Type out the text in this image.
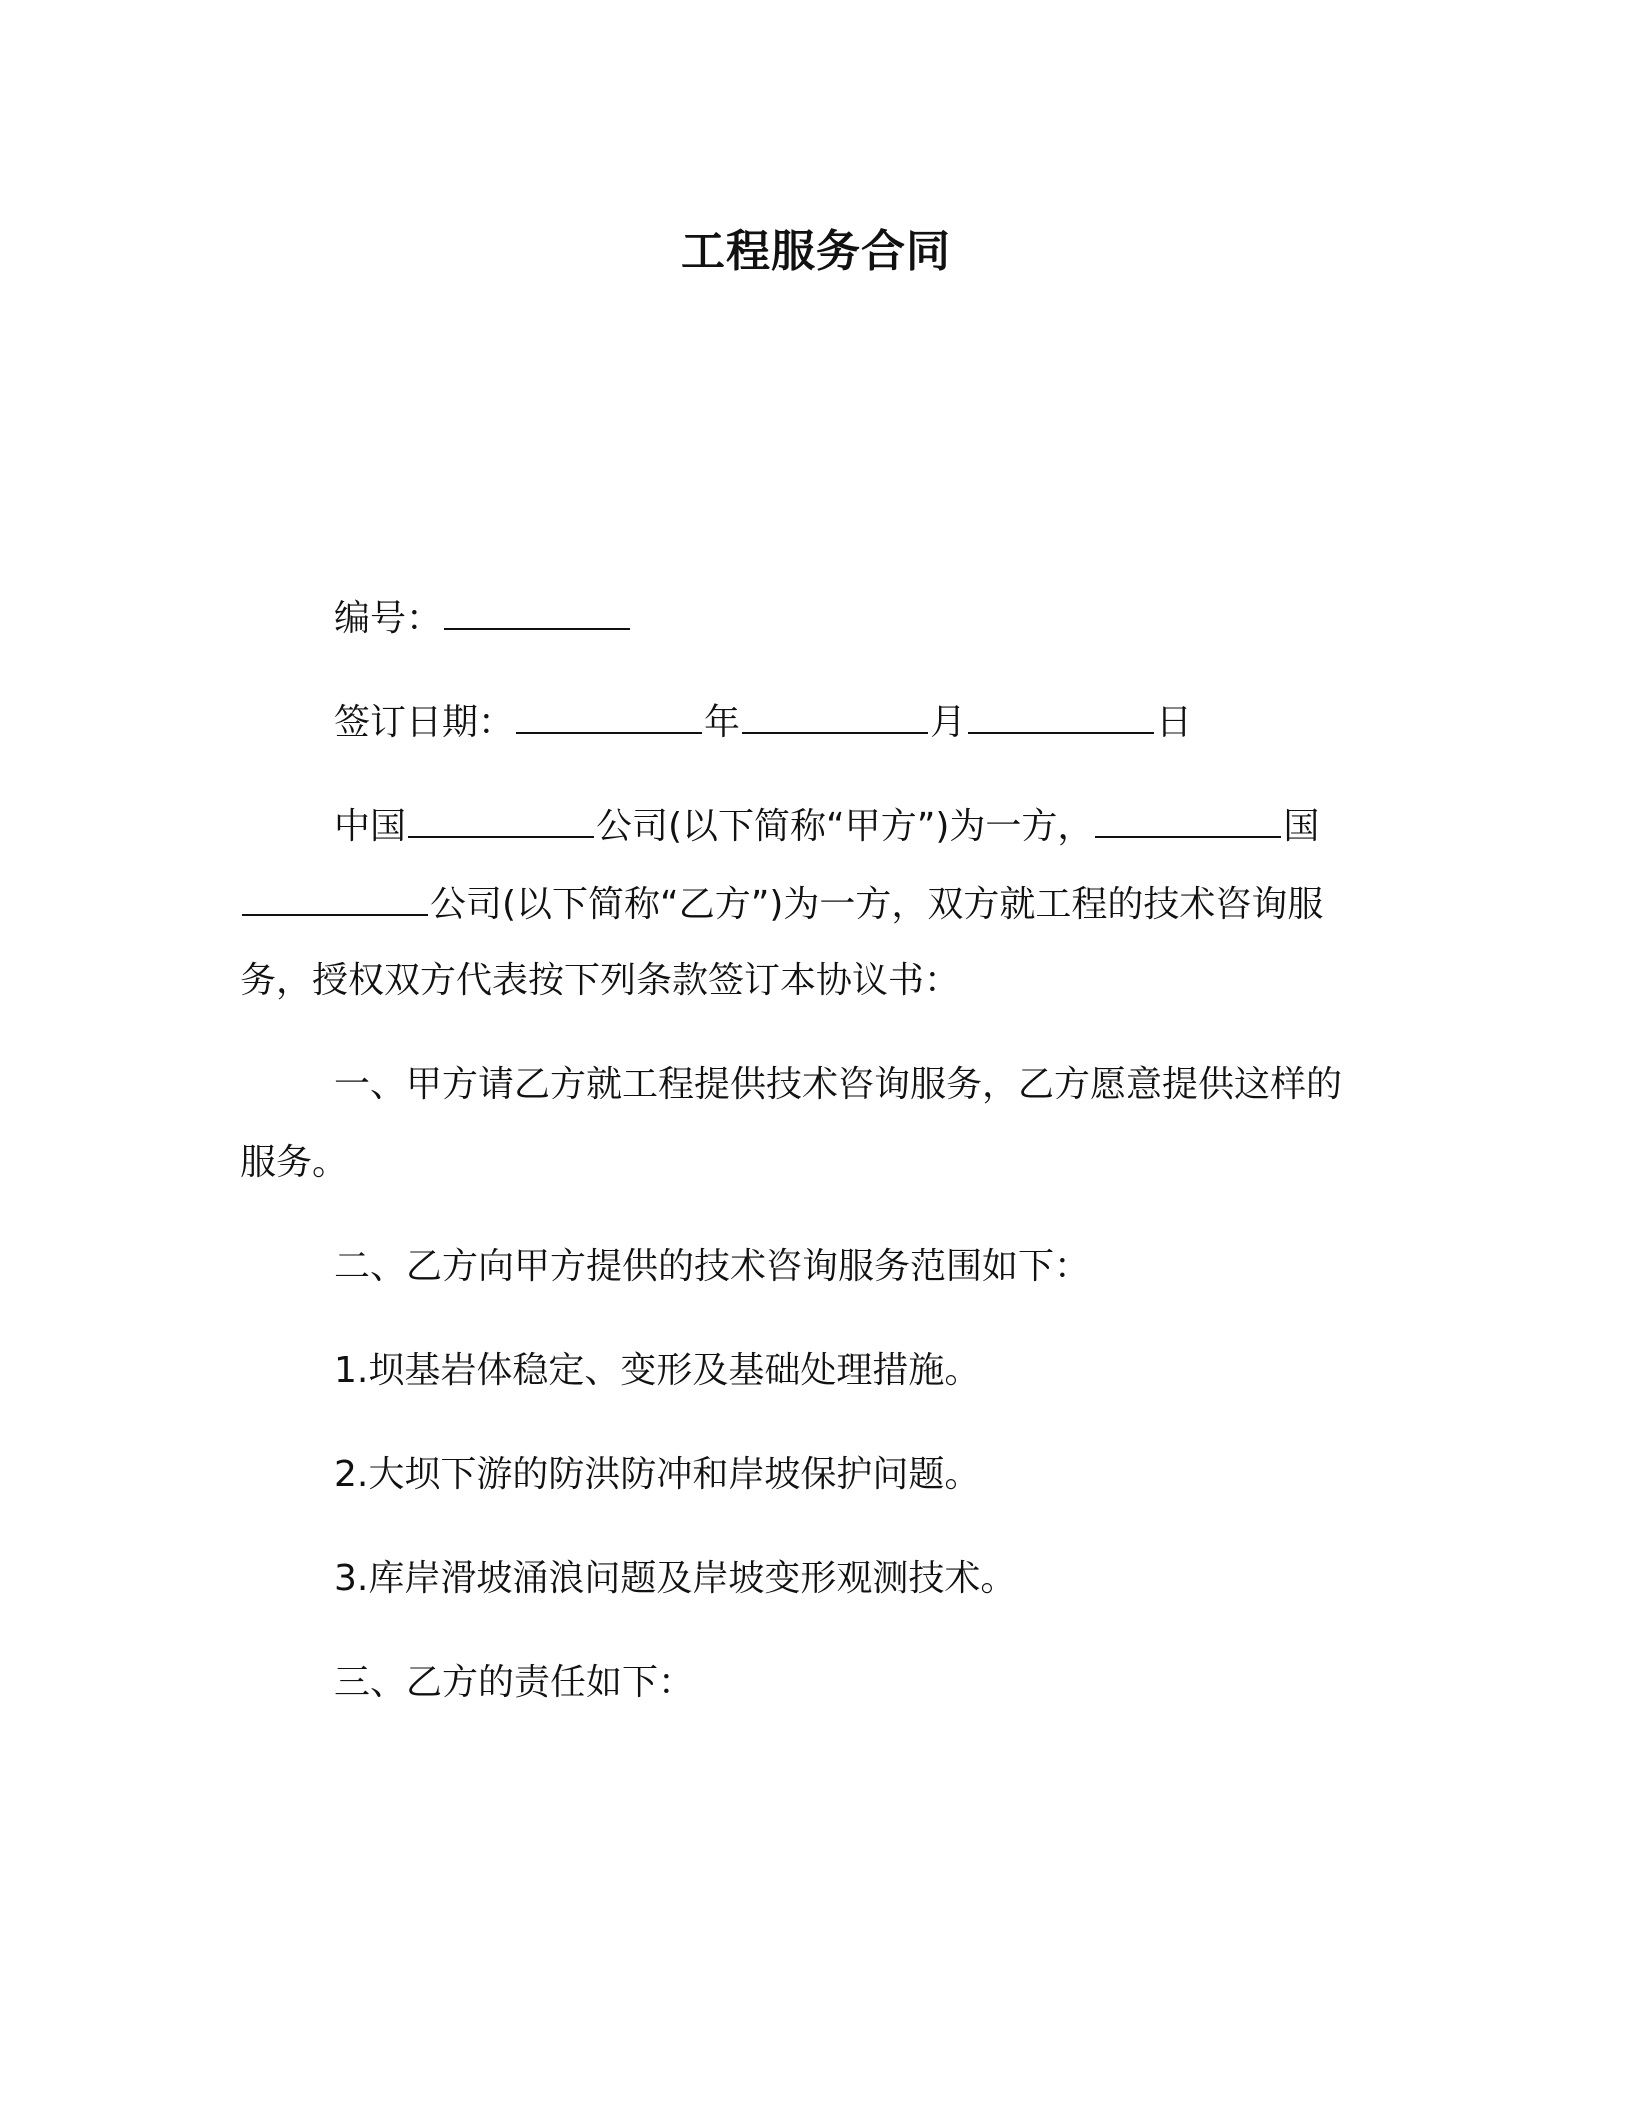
工程服务合同
编号：
签订日期：	年	月	日
中国	公司(以下简称“甲方”)为一方，	国
公司(以下简称“乙方”)为一方，双方就工程的技术咨询服
务，授权双方代表按下列条款签订本协议书：
一、甲方请乙方就工程提供技术咨询服务，乙方愿意提供这样的
服务。
二、乙方向甲方提供的技术咨询服务范围如下：
1.坝基岩体稳定、变形及基础处理措施。
2.大坝下游的防洪防冲和岸坡保护问题。
3.库岸滑坡涌浪问题及岸坡变形观测技术。
三、乙方的责任如下：
